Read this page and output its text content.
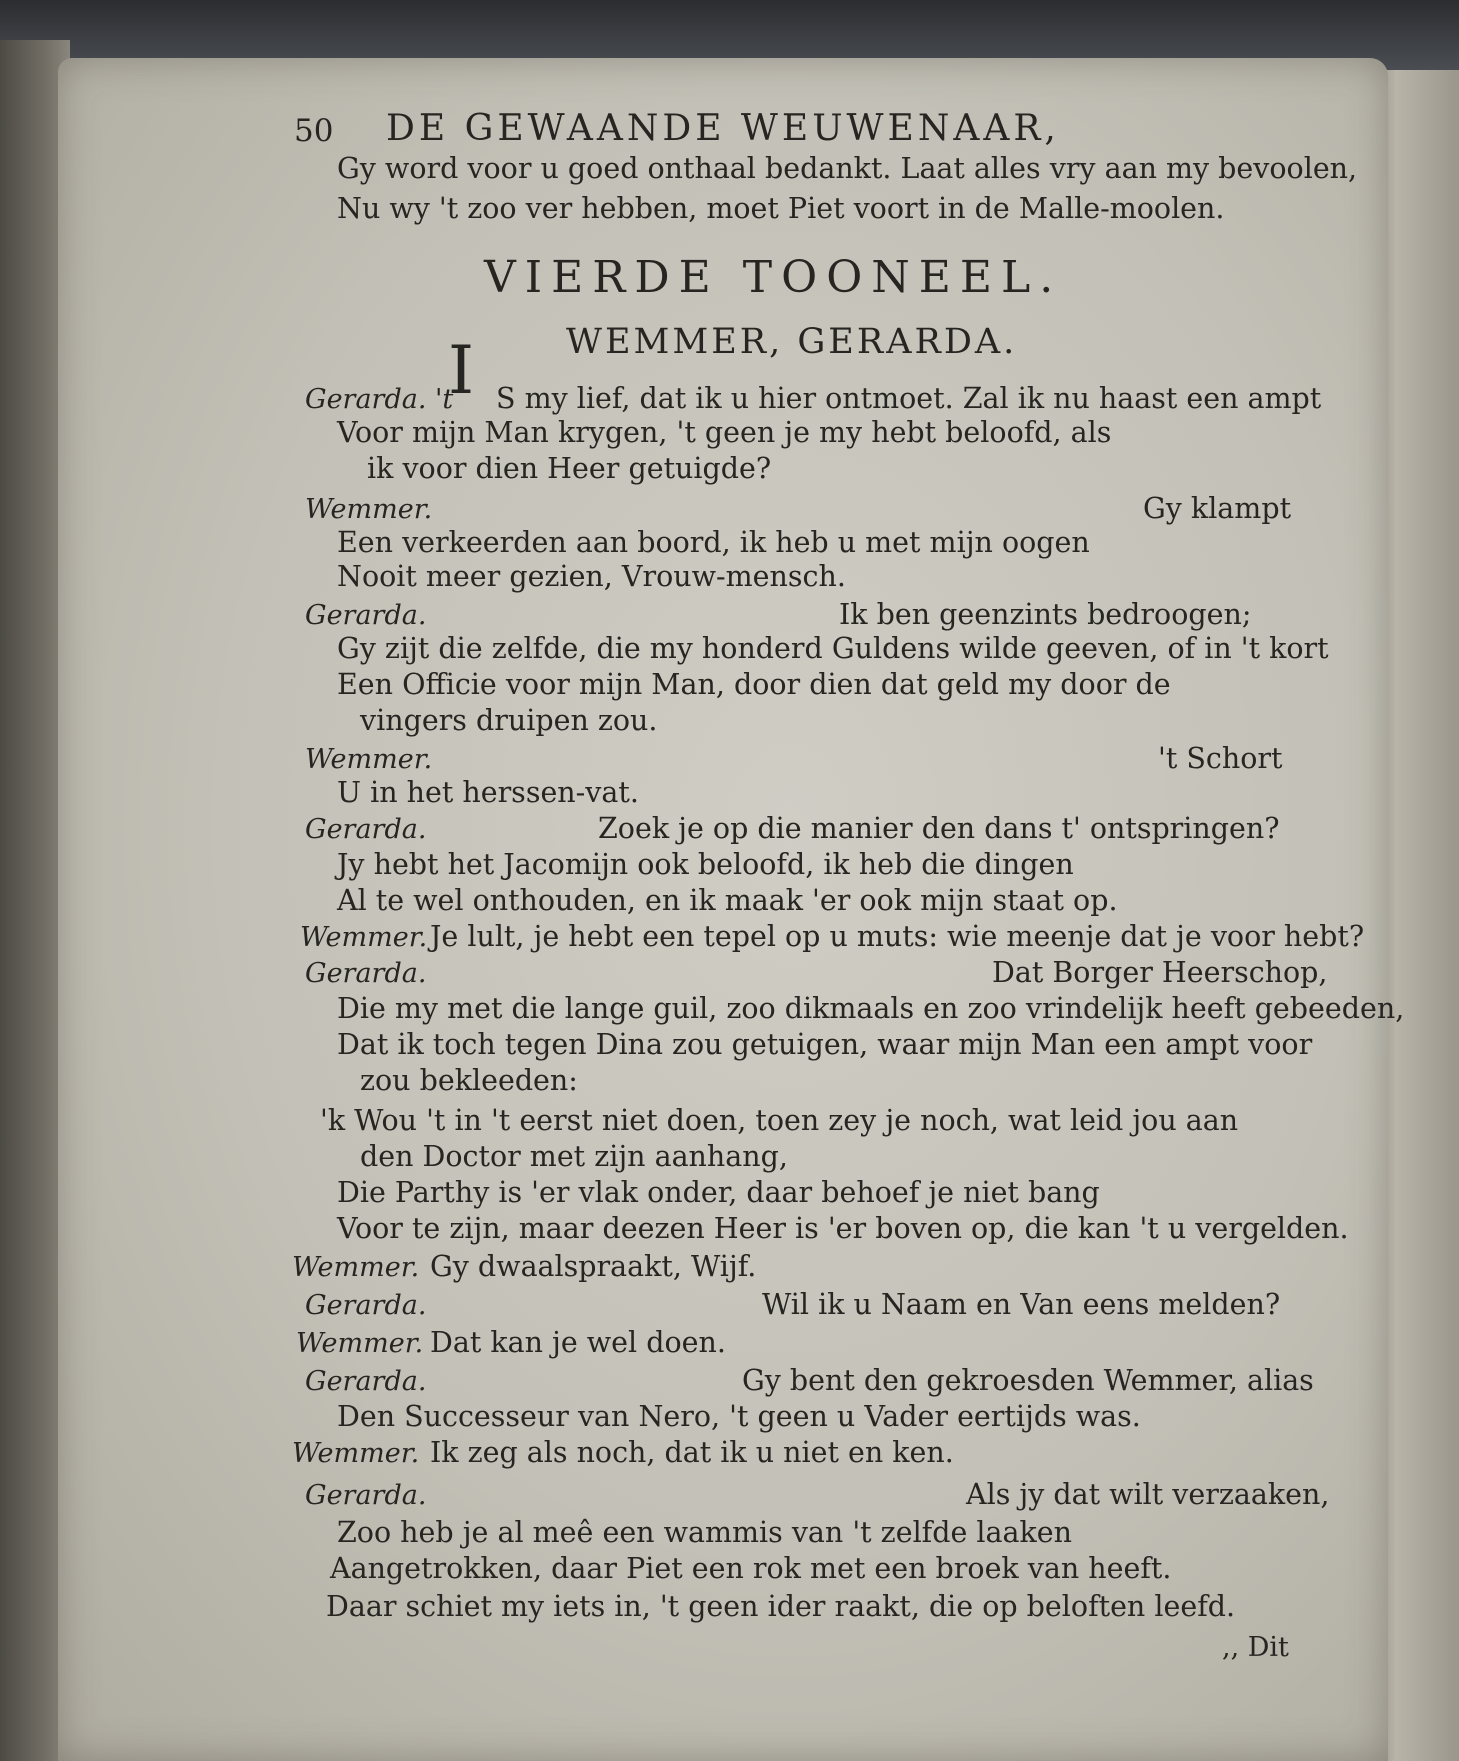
50 DE GEWAANDE WEUWENAAR,
VIERDE TOONEEL.
WEMMER, GERARDA.
I
Gy word voor u goed onthaal bedankt. Laat alles vry aan my bevoolen,
Nu wy 't zoo ver hebben, moet Piet voort in de Malle-moolen.
S my lief, dat ik u hier ontmoet. Zal ik nu haast een ampt
Voor mijn Man krygen, 't geen je my hebt beloofd, als
ik voor dien Heer getuigde?
Gy klampt
Een verkeerden aan boord, ik heb u met mijn oogen
Nooit meer gezien, Vrouw-mensch.
Ik ben geenzints bedroogen;
Gy zijt die zelfde, die my honderd Guldens wilde geeven, of in 't kort
Een Officie voor mijn Man, door dien dat geld my door de
vingers druipen zou.
't Schort
U in het herssen-vat.
Zoek je op die manier den dans t' ontspringen?
Jy hebt het Jacomijn ook beloofd, ik heb die dingen
Al te wel onthouden, en ik maak 'er ook mijn staat op.
Je lult, je hebt een tepel op u muts: wie meenje dat je voor hebt?
Dat Borger Heerschop,
Die my met die lange guil, zoo dikmaals en zoo vrindelijk heeft gebeeden,
Dat ik toch tegen Dina zou getuigen, waar mijn Man een ampt voor
zou bekleeden:
'k Wou 't in 't eerst niet doen, toen zey je noch, wat leid jou aan
den Doctor met zijn aanhang,
Die Parthy is 'er vlak onder, daar behoef je niet bang
Voor te zijn, maar deezen Heer is 'er boven op, die kan 't u vergelden.
Gy dwaalspraakt, Wijf.
Wil ik u Naam en Van eens melden?
Dat kan je wel doen.
Gy bent den gekroesden Wemmer, alias
Den Successeur van Nero, 't geen u Vader eertijds was.
Ik zeg als noch, dat ik u niet en ken.
Als jy dat wilt verzaaken,
Zoo heb je al meê een wammis van 't zelfde laaken
Aangetrokken, daar Piet een rok met een broek van heeft.
Daar schiet my iets in, 't geen ider raakt, die op beloften leefd.
Gerarda. 't
Wemmer.
Gerarda.
Wemmer.
Gerarda.
Wemmer.
Gerarda.
Wemmer.
Gerarda.
Wemmer.
Gerarda.
Wemmer.
Gerarda.
,, Dit
